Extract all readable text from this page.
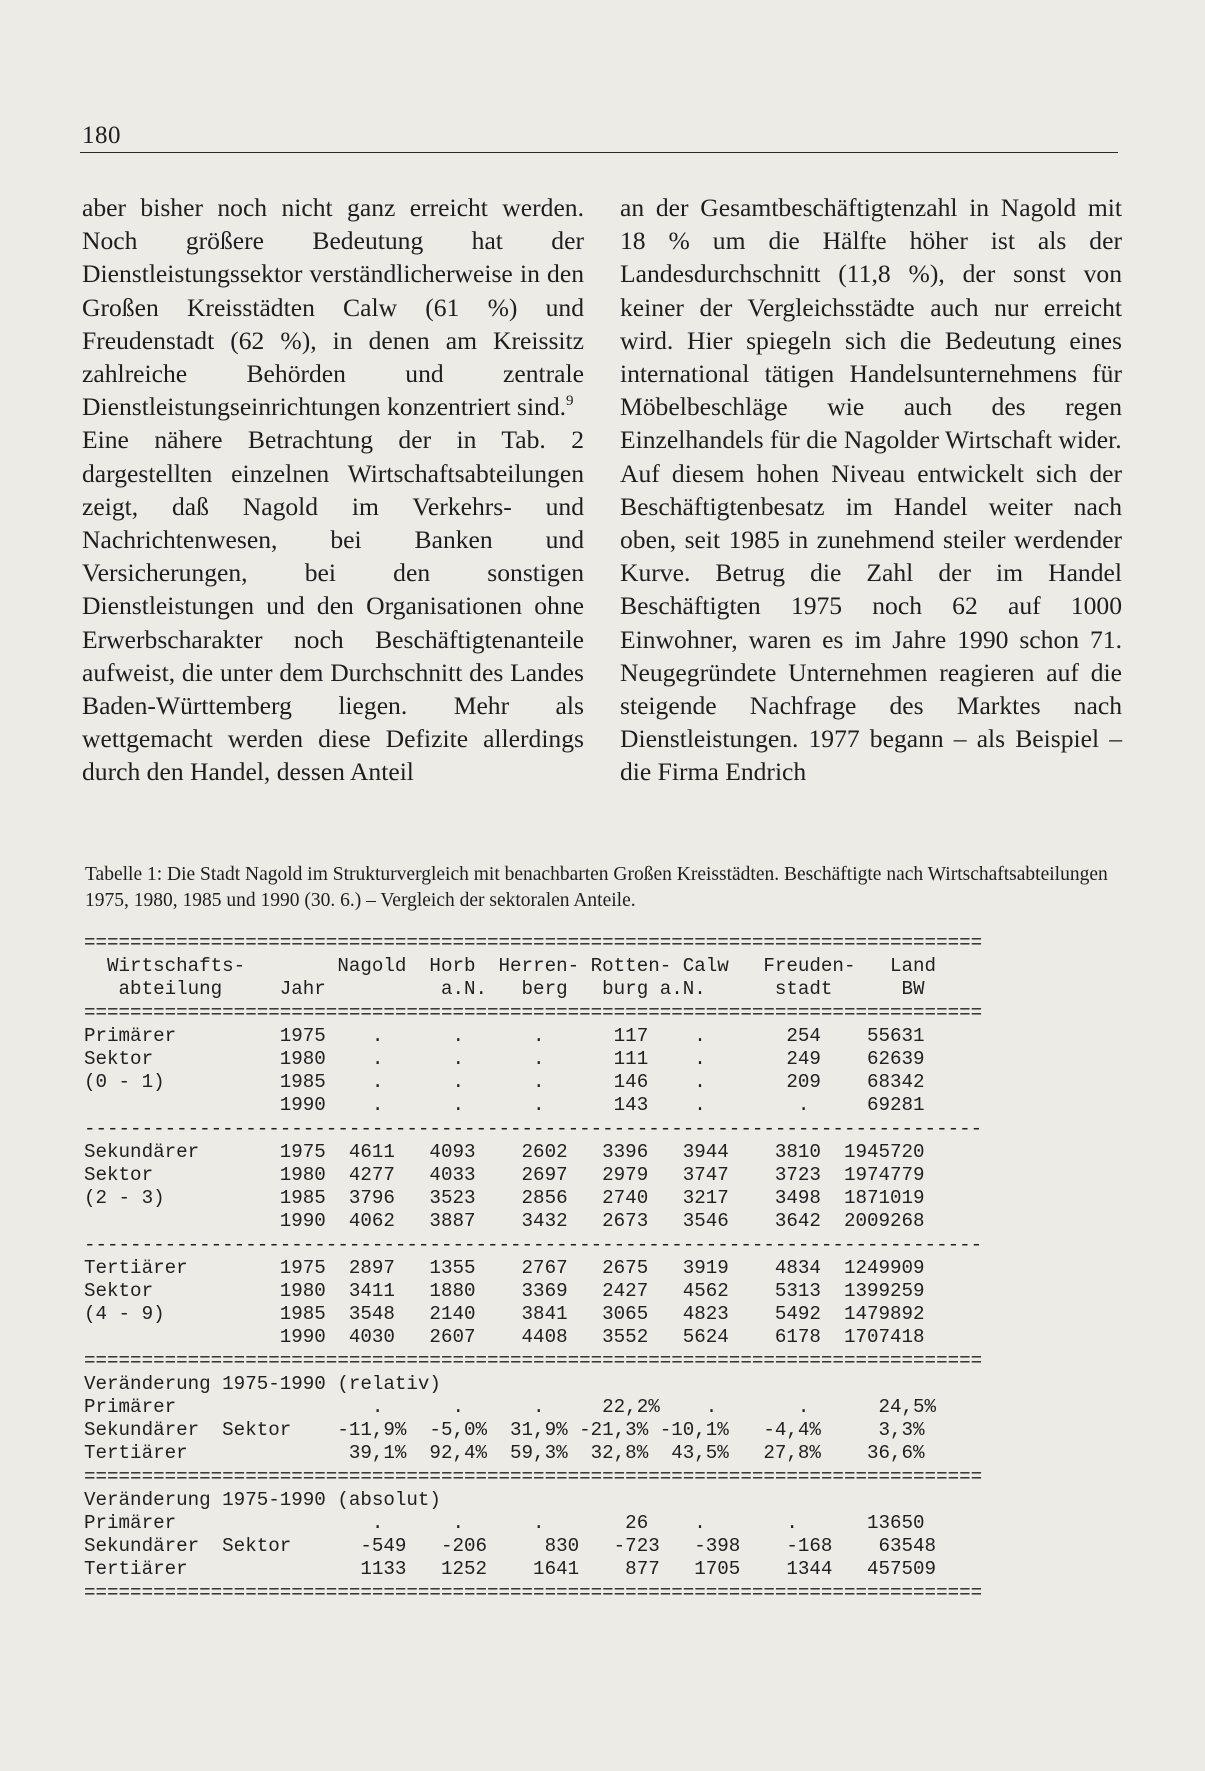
180

aber bisher noch nicht ganz erreicht werden. Noch größere Bedeutung hat der Dienstleistungssektor verständlicherweise in den Großen Kreisstädten Calw (61 %) und Freudenstadt (62 %), in denen am Kreissitz zahlreiche Behörden und zentrale Dienstleistungseinrichtungen konzentriert sind.$^9$

Eine nähere Betrachtung der in Tab. 2 dargestellten einzelnen Wirtschaftsabteilungen zeigt, daß Nagold im Verkehrs- und Nachrichtenwesen, bei Banken und Versicherungen, bei den sonstigen Dienstleistungen und den Organisationen ohne Erwerbscharakter noch Beschäftigtenanteile aufweist, die unter dem Durchschnitt des Landes Baden-Württemberg liegen. Mehr als wettgemacht werden diese Defizite allerdings durch den Handel, dessen Anteil

an der Gesamtbeschäftigtenzahl in Nagold mit 18 % um die Hälfte höher ist als der Landesdurchschnitt (11,8 %), der sonst von keiner der Vergleichsstädte auch nur erreicht wird. Hier spiegeln sich die Bedeutung eines international tätigen Handelsunternehmens für Möbelbeschläge wie auch des regen Einzelhandels für die Nagolder Wirtschaft wider.

Auf diesem hohen Niveau entwickelt sich der Beschäftigtenbesatz im Handel weiter nach oben, seit 1985 in zunehmend steiler werdender Kurve. Betrug die Zahl der im Handel Beschäftigten 1975 noch 62 auf 1000 Einwohner, waren es im Jahre 1990 schon 71. Neugegründete Unternehmen reagieren auf die steigende Nachfrage des Marktes nach Dienstleistungen. 1977 begann – als Beispiel – die Firma Endrich

Tabelle 1: Die Stadt Nagold im Strukturvergleich mit benachbarten Großen Kreisstädten. Beschäftigte nach Wirtschaftsabteilungen 1975, 1980, 1985 und 1990 (30. 6.) – Vergleich der sektoralen Anteile.
==============================================================================
Wirtschafts-        Nagold  Horb  Herren- Rotten- Calw   Freuden-   Land
abteilung     Jahr          a.N.   berg   burg a.N.      stadt      BW
==============================================================================
Primärer         1975    .      .      .      117    .       254    55631
Sektor           1980    .      .      .      111    .       249    62639
(0 - 1)          1985    .      .      .      146    .       209    68342
1990    .      .      .      143    .        .     69281
------------------------------------------------------------------------------
Sekundärer       1975  4611   4093    2602   3396   3944    3810  1945720
Sektor           1980  4277   4033    2697   2979   3747    3723  1974779
(2 - 3)          1985  3796   3523    2856   2740   3217    3498  1871019
1990  4062   3887    3432   2673   3546    3642  2009268
------------------------------------------------------------------------------
Tertiärer        1975  2897   1355    2767   2675   3919    4834  1249909
Sektor           1980  3411   1880    3369   2427   4562    5313  1399259
(4 - 9)          1985  3548   2140    3841   3065   4823    5492  1479892
1990  4030   2607    4408   3552   5624    6178  1707418
==============================================================================
Veränderung 1975-1990 (relativ)
Primärer                 .      .      .     22,2%    .       .      24,5%
Sekundärer  Sektor    -11,9%  -5,0%  31,9% -21,3% -10,1%   -4,4%     3,3%
Tertiärer              39,1%  92,4%  59,3%  32,8%  43,5%   27,8%    36,6%
==============================================================================
Veränderung 1975-1990 (absolut)
Primärer                 .      .      .       26    .       .      13650
Sekundärer  Sektor      -549   -206     830   -723   -398    -168    63548
Tertiärer               1133   1252    1641    877   1705    1344   457509
==============================================================================
